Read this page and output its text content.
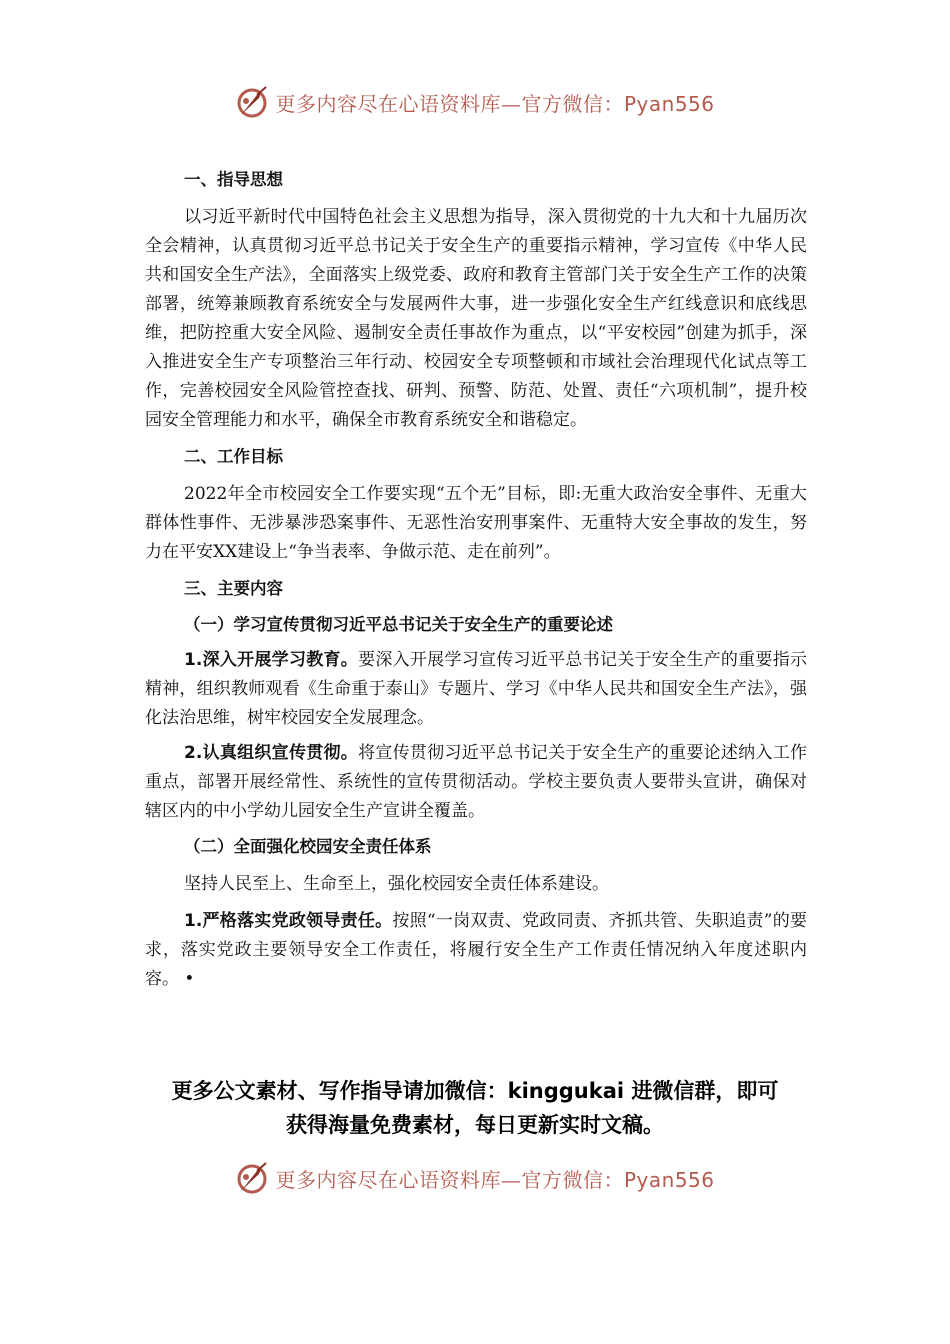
更多内容尽在心语资料库—官方微信：Pyan556

一、指导思想

以习近平新时代中国特色社会主义思想为指导，深入贯彻党的十九大和十九届历次全会精神，认真贯彻习近平总书记关于安全生产的重要指示精神，学习宣传《中华人民共和国安全生产法》，全面落实上级党委、政府和教育主管部门关于安全生产工作的决策部署，统筹兼顾教育系统安全与发展两件大事，进一步强化安全生产红线意识和底线思维，把防控重大安全风险、遏制安全责任事故作为重点，以“平安校园”创建为抓手，深入推进安全生产专项整治三年行动、校园安全专项整顿和市域社会治理现代化试点等工作，完善校园安全风险管控查找、研判、预警、防范、处置、责任“六项机制”，提升校园安全管理能力和水平，确保全市教育系统安全和谐稳定。

二、工作目标

2022年全市校园安全工作要实现“五个无”目标，即:无重大政治安全事件、无重大群体性事件、无涉暴涉恐案事件、无恶性治安刑事案件、无重特大安全事故的发生，努力在平安XX建设上“争当表率、争做示范、走在前列”。

三、主要内容

（一）学习宣传贯彻习近平总书记关于安全生产的重要论述

1.深入开展学习教育。要深入开展学习宣传习近平总书记关于安全生产的重要指示精神，组织教师观看《生命重于泰山》专题片、学习《中华人民共和国安全生产法》，强化法治思维，树牢校园安全发展理念。

2.认真组织宣传贯彻。将宣传贯彻习近平总书记关于安全生产的重要论述纳入工作重点，部署开展经常性、系统性的宣传贯彻活动。学校主要负责人要带头宣讲，确保对辖区内的中小学幼儿园安全生产宣讲全覆盖。

（二）全面强化校园安全责任体系

坚持人民至上、生命至上，强化校园安全责任体系建设。

1.严格落实党政领导责任。按照“一岗双责、党政同责、齐抓共管、失职追责”的要求，落实党政主要领导安全工作责任，将履行安全生产工作责任情况纳入年度述职内容。 •

更多公文素材、写作指导请加微信：kinggukai 进微信群，即可
获得海量免费素材，每日更新实时文稿。
更多内容尽在心语资料库—官方微信：Pyan556
